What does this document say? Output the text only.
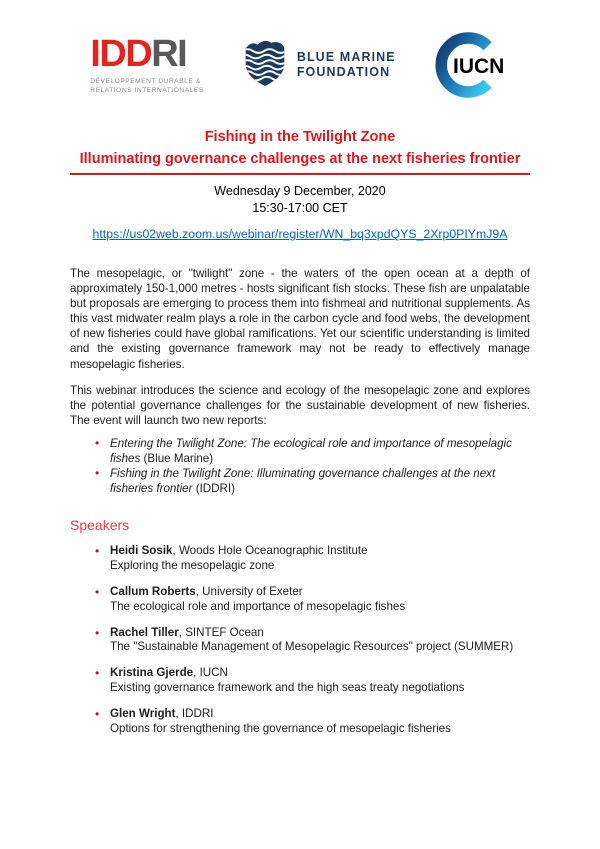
IDDRI
DÉVELOPPEMENT DURABLE &
RELATIONS INTERNATIONALES
BLUE MARINE
FOUNDATION	IUCN
Fishing in the Twilight Zone
Illuminating governance challenges at the next fisheries frontier
Wednesday 9 December, 2020
15:30-17:00 CET
https://us02web.zoom.us/webinar/register/WN_bq3xpdQYS_2Xrp0PIYmJ9A
The mesopelagic, or "twilight" zone - the waters of the open ocean at a depth of approximately 150-1,000 metres - hosts significant fish stocks. These fish are unpalatable but proposals are emerging to process them into fishmeal and nutritional supplements. As this vast midwater realm plays a role in the carbon cycle and food webs, the development of new fisheries could have global ramifications. Yet our scientific understanding is limited and the existing governance framework may not be ready to effectively manage mesopelagic fisheries.
This webinar introduces the science and ecology of the mesopelagic zone and explores the potential governance challenges for the sustainable development of new fisheries. The event will launch two new reports:
• Entering the Twilight Zone: The ecological role and importance of mesopelagic fishes (Blue Marine)
• Fishing in the Twilight Zone: Illuminating governance challenges at the next fisheries frontier (IDDRI)
Speakers
• Heidi Sosik, Woods Hole Oceanographic Institute
Exploring the mesopelagic zone
• Callum Roberts, University of Exeter
The ecological role and importance of mesopelagic fishes
• Rachel Tiller, SINTEF Ocean
The "Sustainable Management of Mesopelagic Resources" project (SUMMER)
• Kristina Gjerde, IUCN
Existing governance framework and the high seas treaty negotiations
• Glen Wright, IDDRI
Options for strengthening the governance of mesopelagic fisheries
